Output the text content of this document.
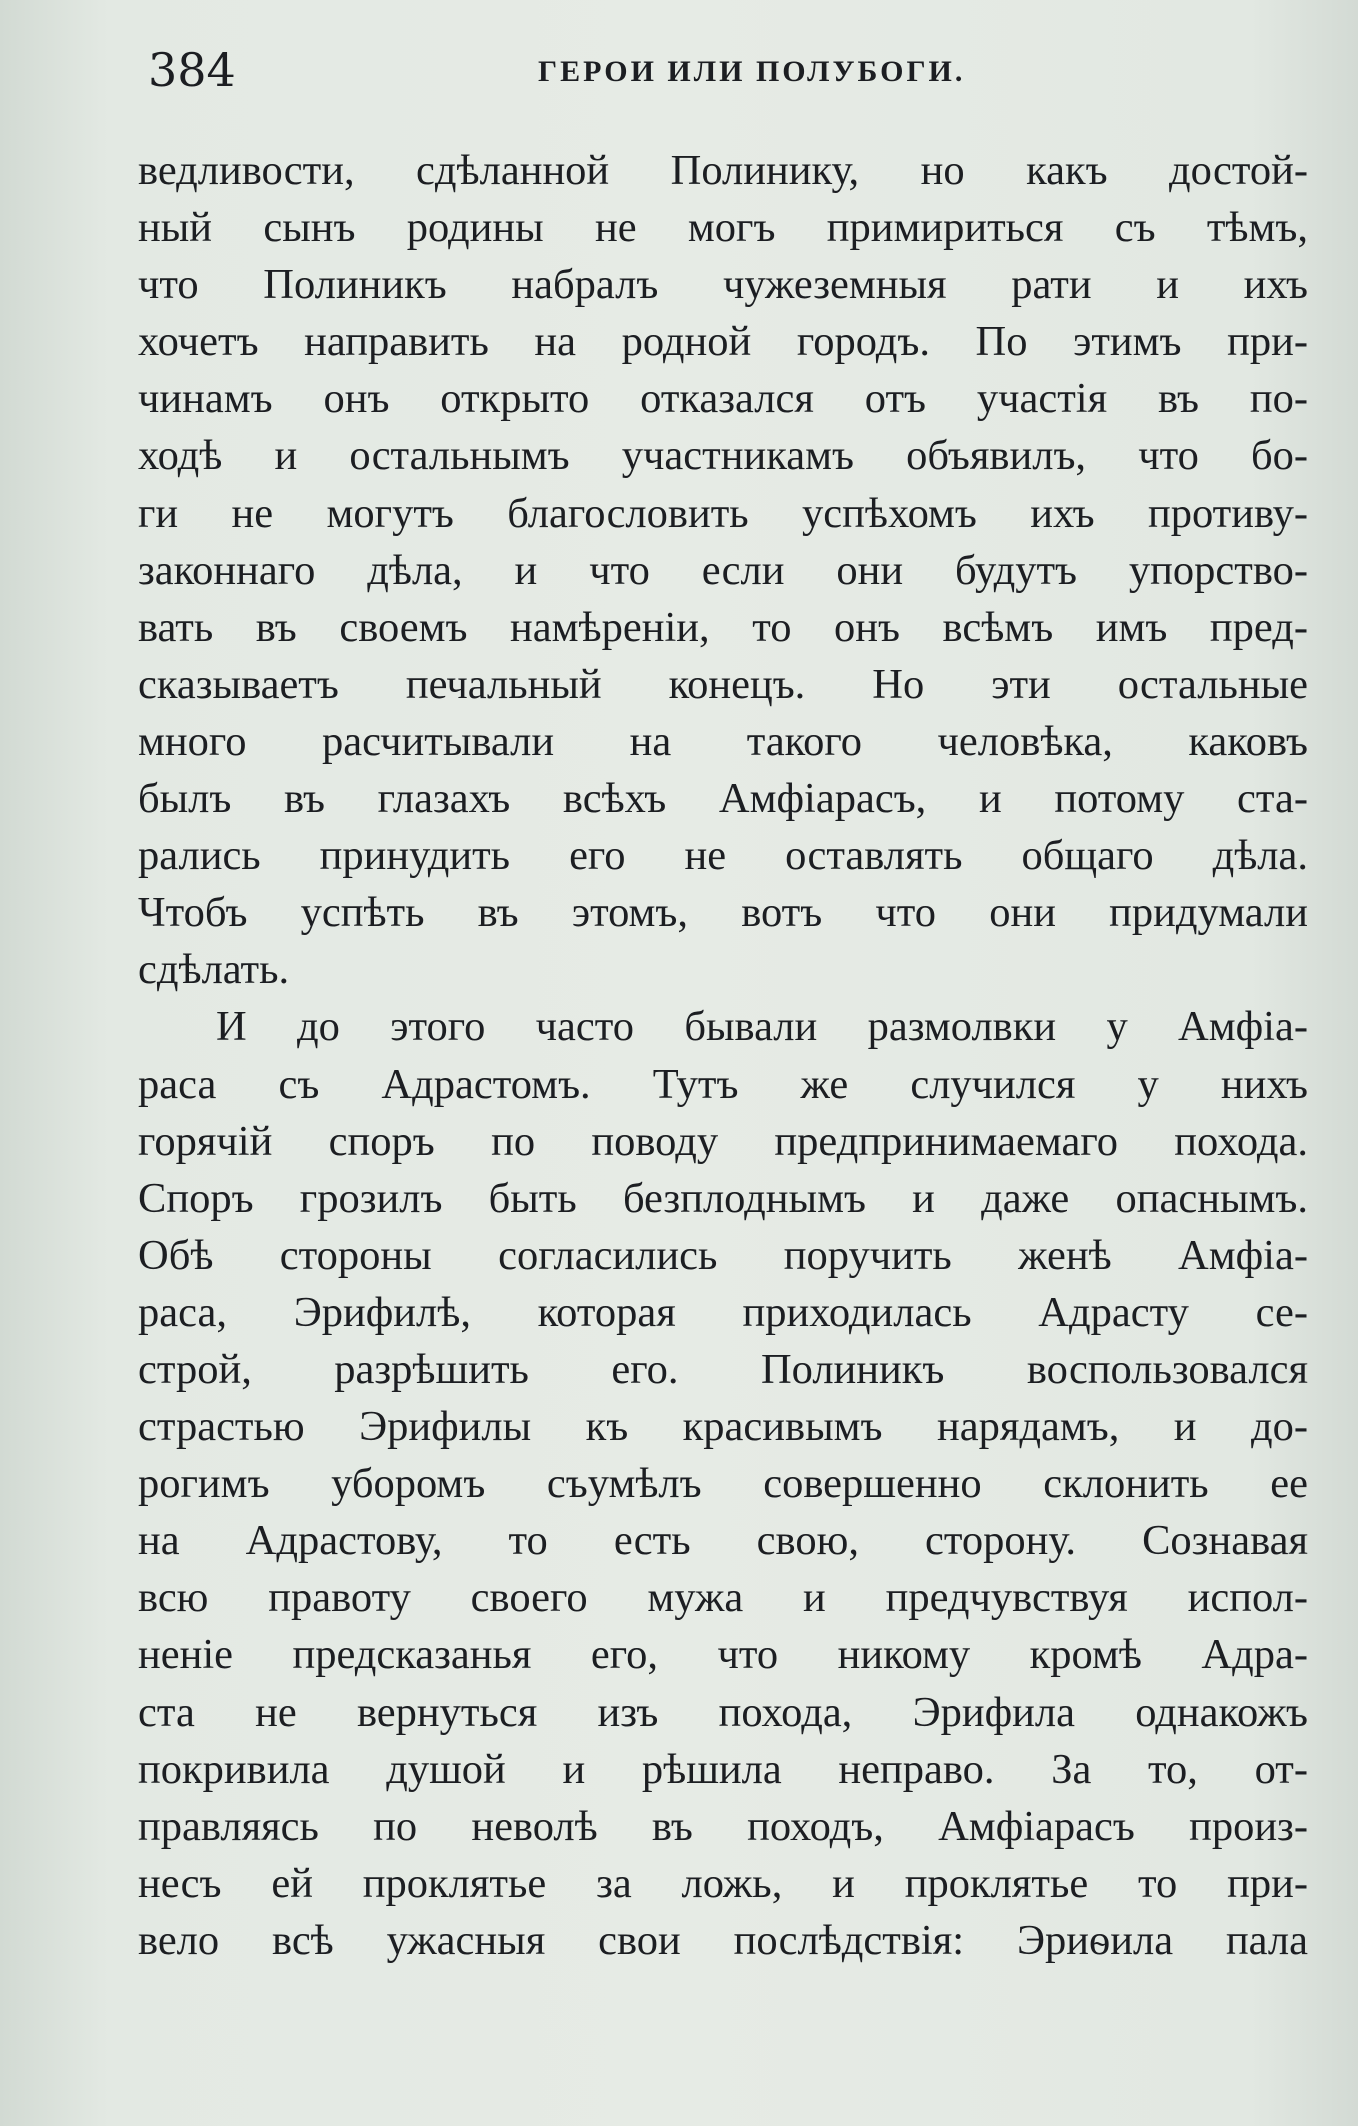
384	ГЕРОИ ИЛИ ПОЛУБОГИ.
ведливости, сдѣланной Полинику, но какъ достой-
ный сынъ родины не могъ примириться съ тѣмъ,
что Полиникъ набралъ чужеземныя рати и ихъ
хочетъ направить на родной городъ. По этимъ при-
чинамъ онъ открыто отказался отъ участія въ по-
ходѣ и остальнымъ участникамъ объявилъ, что бо-
ги не могутъ благословить успѣхомъ ихъ противу-
законнаго дѣла, и что если они будутъ упорство-
вать въ своемъ намѣреніи, то онъ всѣмъ имъ пред-
сказываетъ печальный конецъ. Но эти остальные
много расчитывали на такого человѣка, каковъ
былъ въ глазахъ всѣхъ Амфіарасъ, и потому ста-
рались принудить его не оставлять общаго дѣла.
Чтобъ успѣть въ этомъ, вотъ что они придумали
сдѣлать.
И до этого часто бывали размолвки у Амфіа-
раса съ Адрастомъ. Тутъ же случился у нихъ
горячій споръ по поводу предпринимаемаго похода.
Споръ грозилъ быть безплоднымъ и даже опаснымъ.
Обѣ стороны согласились поручить женѣ Амфіа-
раса, Эрифилѣ, которая приходилась Адрасту се-
строй, разрѣшить его. Полиникъ воспользовался
страстью Эрифилы къ красивымъ нарядамъ, и до-
рогимъ уборомъ съумѣлъ совершенно склонить ее
на Адрастову, то есть свою, сторону. Сознавая
всю правоту своего мужа и предчувствуя испол-
неніе предсказанья его, что никому кромѣ Адра-
ста не вернуться изъ похода, Эрифила однакожъ
покривила душой и рѣшила неправо. За то, от-
правляясь по неволѣ въ походъ, Амфіарасъ произ-
несъ ей проклятье за ложь, и проклятье то при-
вело всѣ ужасныя свои послѣдствія: Эриѳила пала
